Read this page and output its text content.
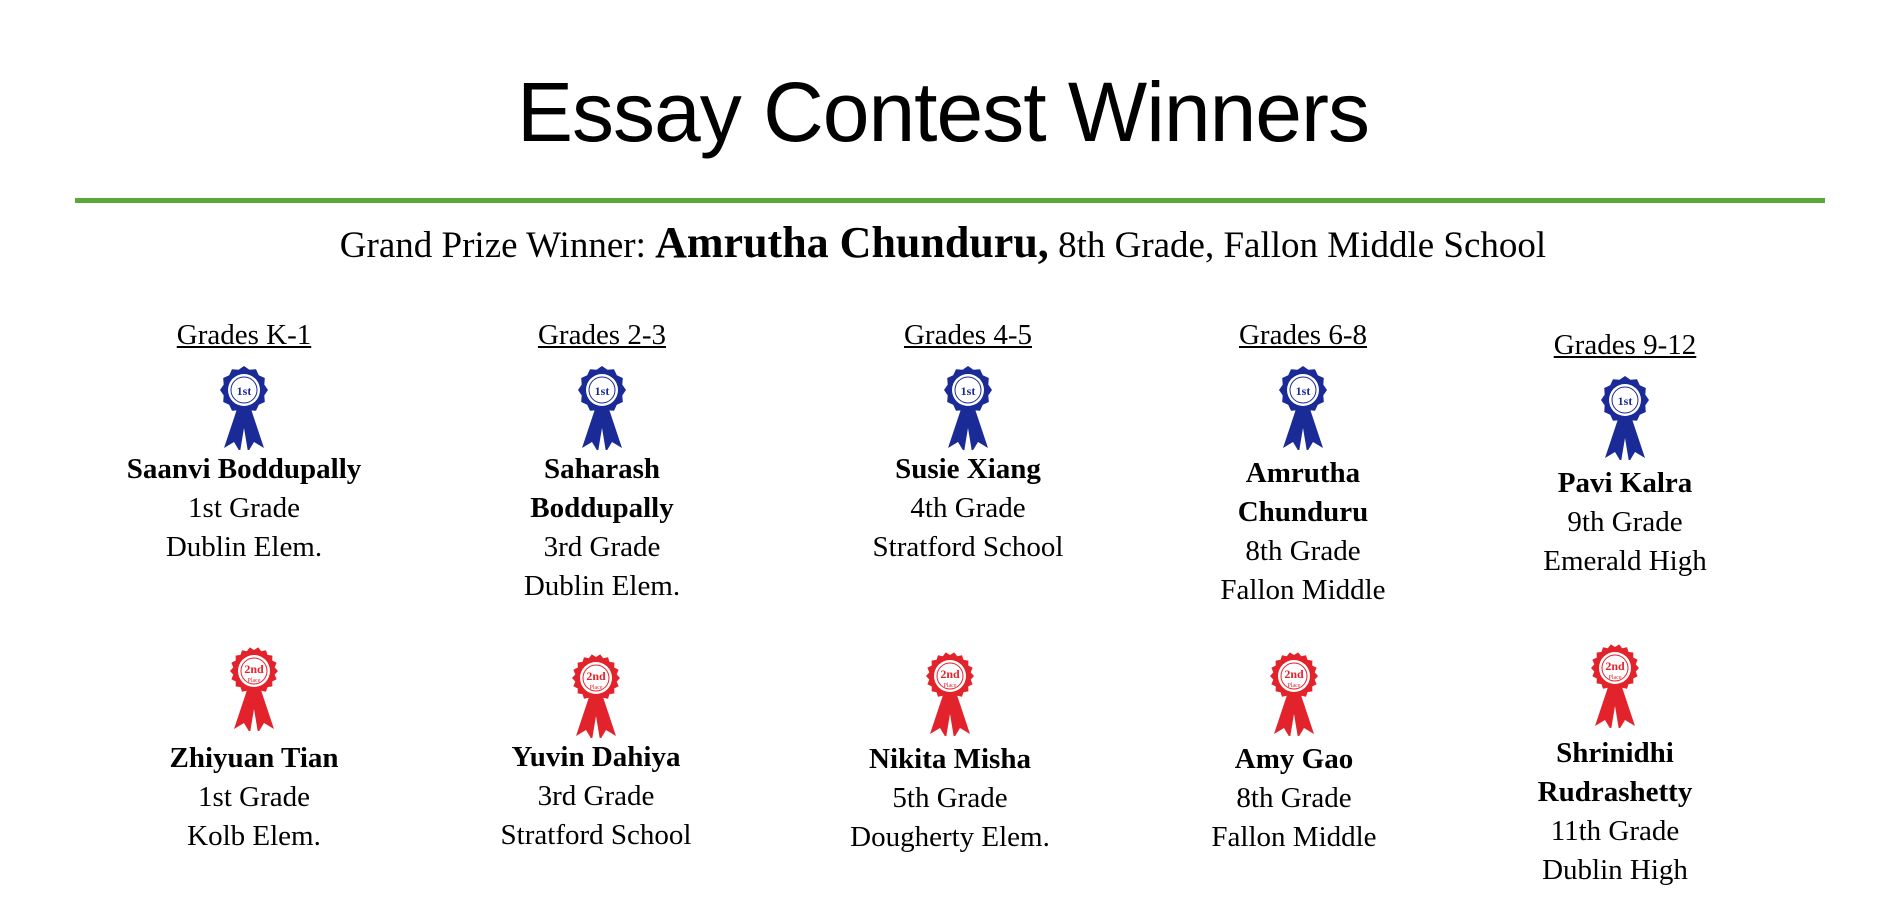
Essay Contest Winners
Grand Prize Winner: Amrutha Chunduru, 8th Grade, Fallon Middle School
Grades K-1
1st
Saanvi Boddupally
1st Grade
Dublin Elem.
Grades 2-3
1st
Saharash Boddupally
3rd Grade
Dublin Elem.
Grades 4-5
1st
Susie Xiang
4th Grade
Stratford School
Grades 6-8
1st
Amrutha Chunduru
8th Grade
Fallon Middle
Grades 9-12
1st
Pavi Kalra
9th Grade
Emerald High
2nd
Place
Zhiyuan Tian
1st Grade
Kolb Elem.
2nd
Place
Yuvin Dahiya
3rd Grade
Stratford School
2nd
Place
Nikita Misha
5th Grade
Dougherty Elem.
2nd
Place
Amy Gao
8th Grade
Fallon Middle
2nd
Place
Shrinidhi Rudrashetty
11th Grade
Dublin High
